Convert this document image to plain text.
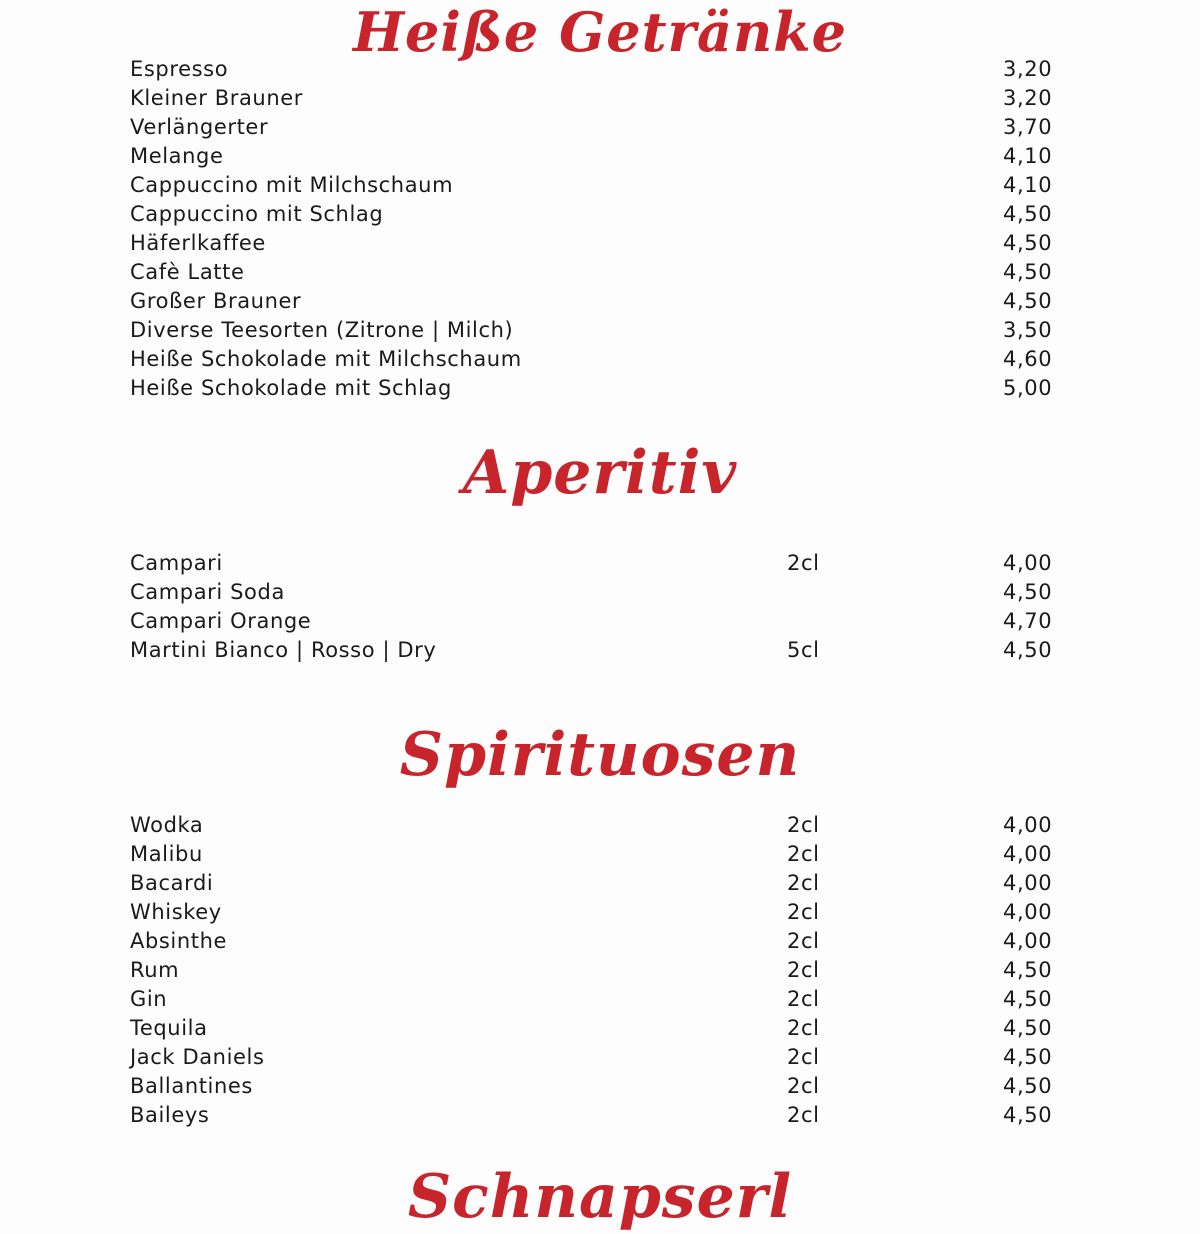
Heiße Getränke
Espresso	3,20
Kleiner Brauner	3,20
Verlängerter	3,70
Melange	4,10
Cappuccino mit Milchschaum	4,10
Cappuccino mit Schlag	4,50
Häferlkaffee	4,50
Cafè Latte	4,50
Großer Brauner	4,50
Diverse Teesorten (Zitrone | Milch)	3,50
Heiße Schokolade mit Milchschaum	4,60
Heiße Schokolade mit Schlag	5,00
Aperitiv
Campari	2cl	4,00
Campari Soda	4,50
Campari Orange	4,70
Martini Bianco | Rosso | Dry	5cl	4,50
Spirituosen
Wodka	2cl	4,00
Malibu	2cl	4,00
Bacardi	2cl	4,00
Whiskey	2cl	4,00
Absinthe	2cl	4,00
Rum	2cl	4,50
Gin	2cl	4,50
Tequila	2cl	4,50
Jack Daniels	2cl	4,50
Ballantines	2cl	4,50
Baileys	2cl	4,50
Schnapserl
